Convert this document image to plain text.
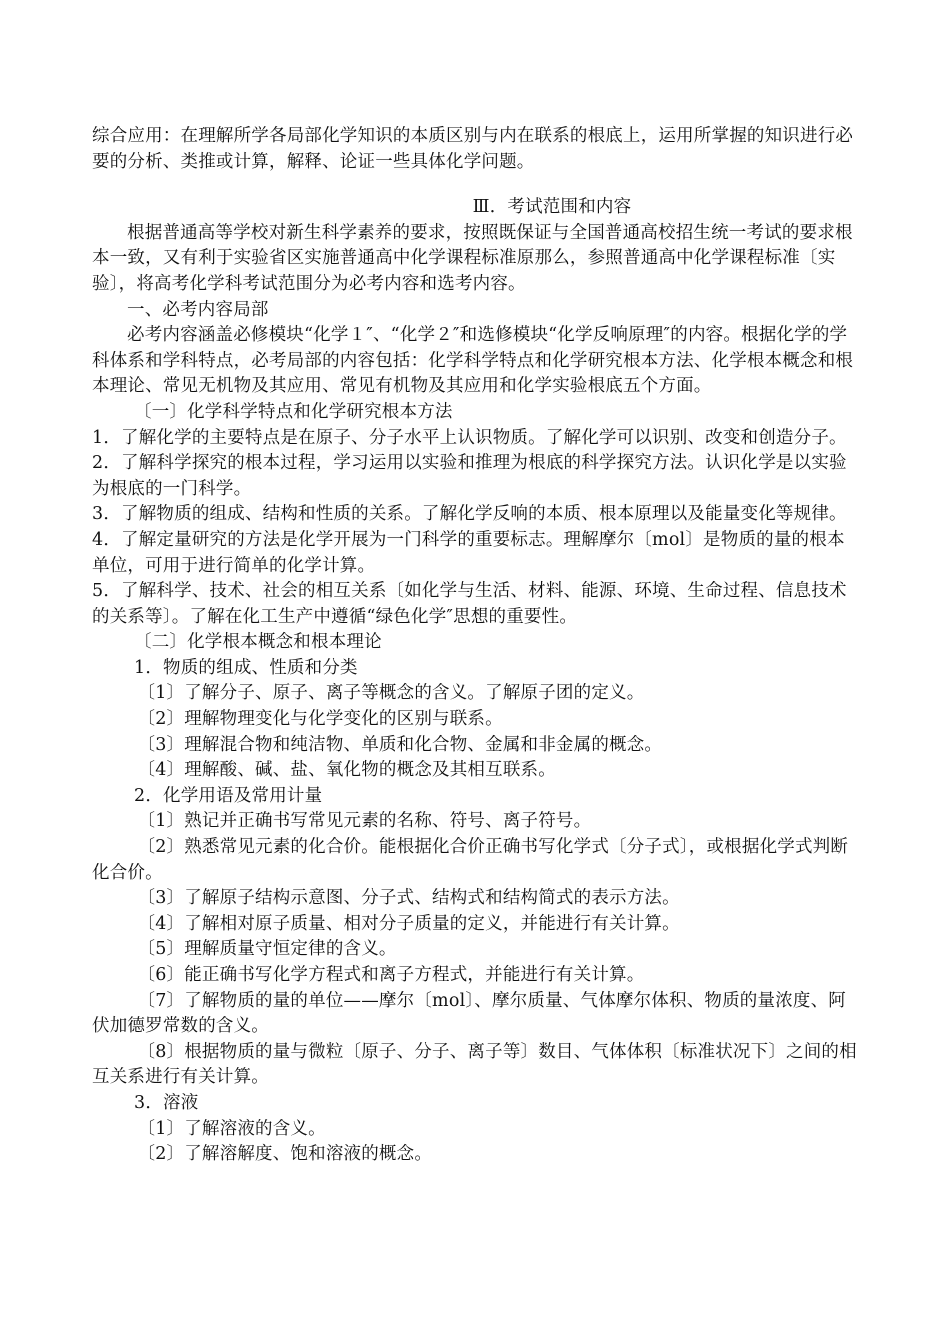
综合应用：在理解所学各局部化学知识的本质区别与内在联系的根底上，运用所掌握的知识进行必要的分析、类推或计算，解释、论证一些具体化学问题。

Ⅲ．考试范围和内容

根据普通高等学校对新生科学素养的要求，按照既保证与全国普通高校招生统一考试的要求根本一致，又有利于实验省区实施普通高中化学课程标准原那么，参照普通高中化学课程标准〔实验〕，将高考化学科考试范围分为必考内容和选考内容。

一、必考内容局部

必考内容涵盖必修模块“化学１″、“化学２″和选修模块“化学反响原理″的内容。根据化学的学科体系和学科特点，必考局部的内容包括：化学科学特点和化学研究根本方法、化学根本概念和根本理论、常见无机物及其应用、常见有机物及其应用和化学实验根底五个方面。

〔一〕化学科学特点和化学研究根本方法

1．了解化学的主要特点是在原子、分子水平上认识物质。了解化学可以识别、改变和创造分子。

2．了解科学探究的根本过程，学习运用以实验和推理为根底的科学探究方法。认识化学是以实验为根底的一门科学。

3．了解物质的组成、结构和性质的关系。了解化学反响的本质、根本原理以及能量变化等规律。

4．了解定量研究的方法是化学开展为一门科学的重要标志。理解摩尔〔mol〕是物质的量的根本单位，可用于进行简单的化学计算。

5．了解科学、技术、社会的相互关系〔如化学与生活、材料、能源、环境、生命过程、信息技术的关系等〕。了解在化工生产中遵循“绿色化学″思想的重要性。

〔二〕化学根本概念和根本理论

1．物质的组成、性质和分类

〔1〕了解分子、原子、离子等概念的含义。了解原子团的定义。

〔2〕理解物理变化与化学变化的区别与联系。

〔3〕理解混合物和纯洁物、单质和化合物、金属和非金属的概念。

〔4〕理解酸、碱、盐、氧化物的概念及其相互联系。

2．化学用语及常用计量

〔1〕熟记并正确书写常见元素的名称、符号、离子符号。

〔2〕熟悉常见元素的化合价。能根据化合价正确书写化学式〔分子式〕，或根据化学式判断化合价。

〔3〕了解原子结构示意图、分子式、结构式和结构简式的表示方法。

〔4〕了解相对原子质量、相对分子质量的定义，并能进行有关计算。

〔5〕理解质量守恒定律的含义。

〔6〕能正确书写化学方程式和离子方程式，并能进行有关计算。

〔7〕了解物质的量的单位——摩尔〔mol〕、摩尔质量、气体摩尔体积、物质的量浓度、阿伏加德罗常数的含义。

〔8〕根据物质的量与微粒〔原子、分子、离子等〕数目、气体体积〔标准状况下〕之间的相互关系进行有关计算。

3．溶液

〔1〕了解溶液的含义。

〔2〕了解溶解度、饱和溶液的概念。
